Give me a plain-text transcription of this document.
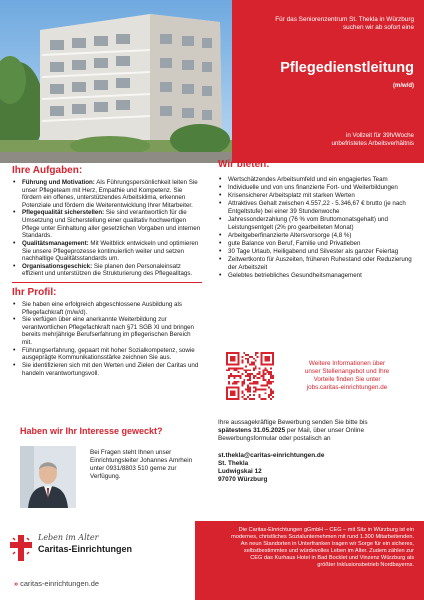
Für das Seniorenzentrum St. Thekla in Würzburg
suchen wir ab sofort eine
Pflegedienstleitung
(m/w/d)
in Vollzeit für 39h/Woche
unbefristetes Arbeitsverhältnis
Ihre Aufgaben:
• Führung und Motivation: Als Führungspersönlichkeit leiten Sie unser Pflegeteam mit Herz, Empathie und Kompetenz. Sie fördern ein offenes, unterstützendes Arbeitsklima, erkennen Potenziale und fördern die Weiterentwicklung Ihrer Mitarbeiter.
• Pflegequalität sicherstellen: Sie sind verantwortlich für die Umsetzung und Sicherstellung einer qualitativ hochwertigen Pflege unter Einhaltung aller gesetzlichen Vorgaben und internen Standards.
• Qualitätsmanagement: Mit Weitblick entwickeln und optimieren Sie unsere Pflegeprozesse kontinuierlich weiter und setzen nachhaltige Qualitätsstandards um.
• Organisationsgeschick: Sie planen den Personaleinsatz effizient und unterstützen die Strukturierung des Pflegealltags.
Ihr Profil:
• Sie haben eine erfolgreich abgeschlossene Ausbildung als Pflegefachkraft (m/w/d).
• Sie verfügen über eine anerkannte Weiterbildung zur verantwortlichen Pflegefachkraft nach §71 SGB XI und bringen bereits mehrjährige Berufserfahrung im pflegerischen Bereich mit.
• Führungserfahrung, gepaart mit hoher Sozialkompetenz, sowie ausgeprägte Kommunikationsstärke zeichnen Sie aus.
• Sie identifizieren sich mit den Werten und Zielen der Caritas und handeln verantwortungsvoll.
Wir bieten:
• Wertschätzendes Arbeitsumfeld und ein engagiertes Team
• Individuelle und von uns finanzierte Fort- und Weiterbildungen
• Krisensicherer Arbeitsplatz mit starken Werten
• Attraktives Gehalt zwischen 4.557,22 - 5.346,67 € brutto (je nach Entgeltstufe) bei einer 39 Stundenwoche
• Jahressonderzahlung (76 % vom Bruttomonatsgehalt) und Leistungsentgelt (2% pro gearbeiteten Monat)
• Arbeitgeberfinanzierte Altersvorsorge (4,8 %)
• gute Balance von Beruf, Familie und Privatleben
• 30 Tage Urlaub, Heiligabend und Silvester als ganzer Feiertag
• Zeitwertkonto für Auszeiten, früheren Ruhestand oder Reduzierung der Arbeitszeit
• Gelebtes betriebliches Gesundheitsmanagement
Weitere Informationen über
unser Stellenangebot und Ihre
Vorteile finden Sie unter
jobs.caritas-einrichtungen.de
Haben wir Ihr Interesse geweckt?
Bei Fragen steht Ihnen unser
Einrichtungsleiter Johannes Amrhein
unter 0931/8803 510 gerne zur
Verfügung.
Ihre aussagekräftige Bewerbung senden Sie bitte bis
spätestens 31.05.2025 per Mail, über unser Online
Bewerbungsformular oder postalisch an
st.thekla@caritas-einrichtungen.de
St. Thekla
Ludwigskai 12
97070 Würzburg
Leben im Alter
Caritas-Einrichtungen
» caritas-einrichtungen.de
Die Caritas-Einrichtungen gGmbH – CEG – mit Sitz in Würzburg ist ein
modernes, christliches Sozialunternehmen mit rund 1.300 Mitarbeitenden.
An neun Standorten in Unterfranken tragen wir Sorge für ein sicheres,
selbstbestimmtes und würdevolles Leben im Alter. Zudem zählen zur
CEG das Kurhaus Hotel in Bad Bocklet und Vinzenz Würzburg als
größter Inklusionsbetrieb Nordbayerns.
